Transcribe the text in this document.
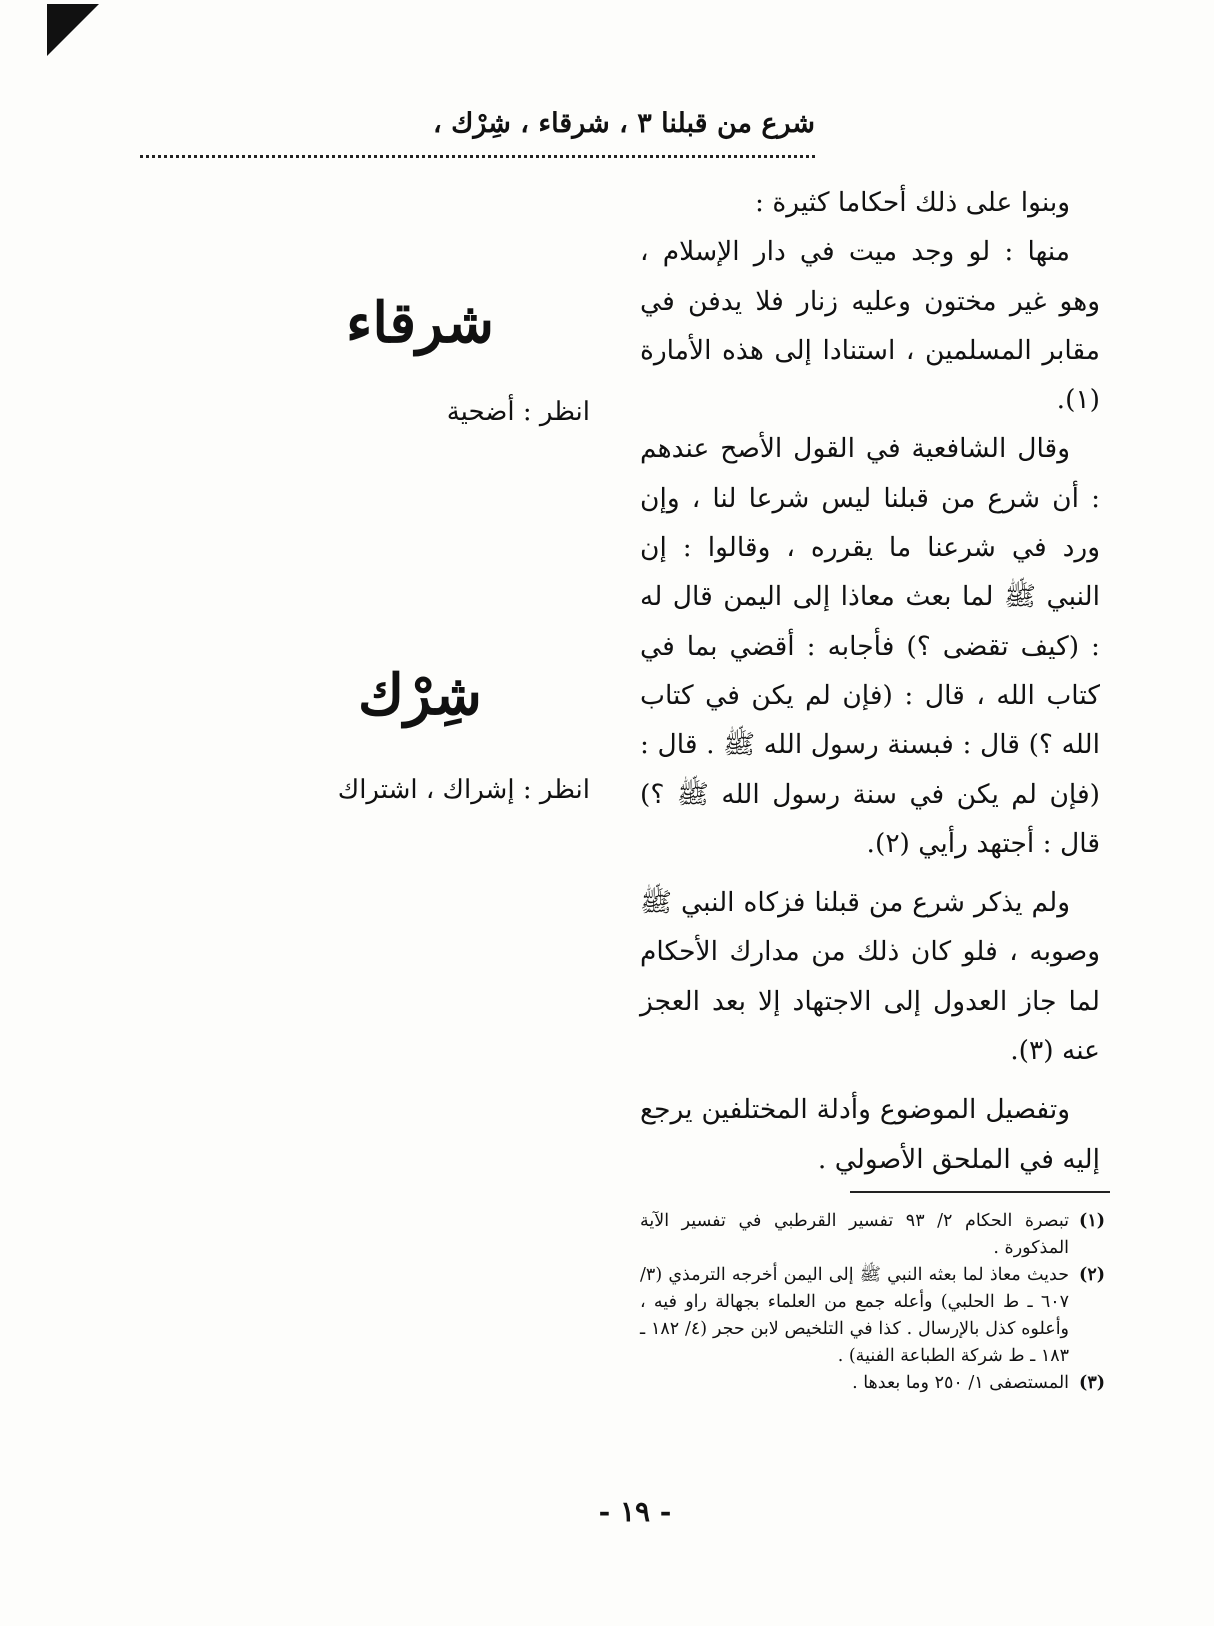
شرع من قبلنا ٣ ، شرقاء ، شِرْك ،

وبنوا على ذلك أحكاما كثيرة :

منها : لو وجد ميت في دار الإسلام ، وهو غير مختون وعليه زنار فلا يدفن في مقابر المسلمين ، استنادا إلى هذه الأمارة (١).

وقال الشافعية في القول الأصح عندهم : أن شرع من قبلنا ليس شرعا لنا ، وإن ورد في شرعنا ما يقرره ، وقالوا : إن النبي ﷺ لما بعث معاذا إلى اليمن قال له : (كيف تقضى ؟) فأجابه : أقضي بما في كتاب الله ، قال : (فإن لم يكن في كتاب الله ؟) قال : فبسنة رسول الله ﷺ . قال : (فإن لم يكن في سنة رسول الله ﷺ ؟) قال : أجتهد رأيي (٢).

ولم يذكر شرع من قبلنا فزكاه النبي ﷺ وصوبه ، فلو كان ذلك من مدارك الأحكام لما جاز العدول إلى الاجتهاد إلا بعد العجز عنه (٣).

وتفصيل الموضوع وأدلة المختلفين يرجع إليه في الملحق الأصولي .

شرقاء
انظر : أضحية
شِرْك
انظر : إشراك ، اشتراك
(١)
تبصرة الحكام ٢/ ٩٣ تفسير القرطبي في تفسير الآية المذكورة .
(٢)
حديث معاذ لما بعثه النبي ﷺ إلى اليمن أخرجه الترمذي (٣/ ٦٠٧ ـ ط الحلبي) وأعله جمع من العلماء بجهالة راو فيه ، وأعلوه كذل بالإرسال . كذا في التلخيص لابن حجر (٤/ ١٨٢ ـ ١٨٣ ـ ط شركة الطباعة الفنية) .
(٣)
المستصفى ١/ ٢٥٠ وما بعدها .
- ١٩ -
